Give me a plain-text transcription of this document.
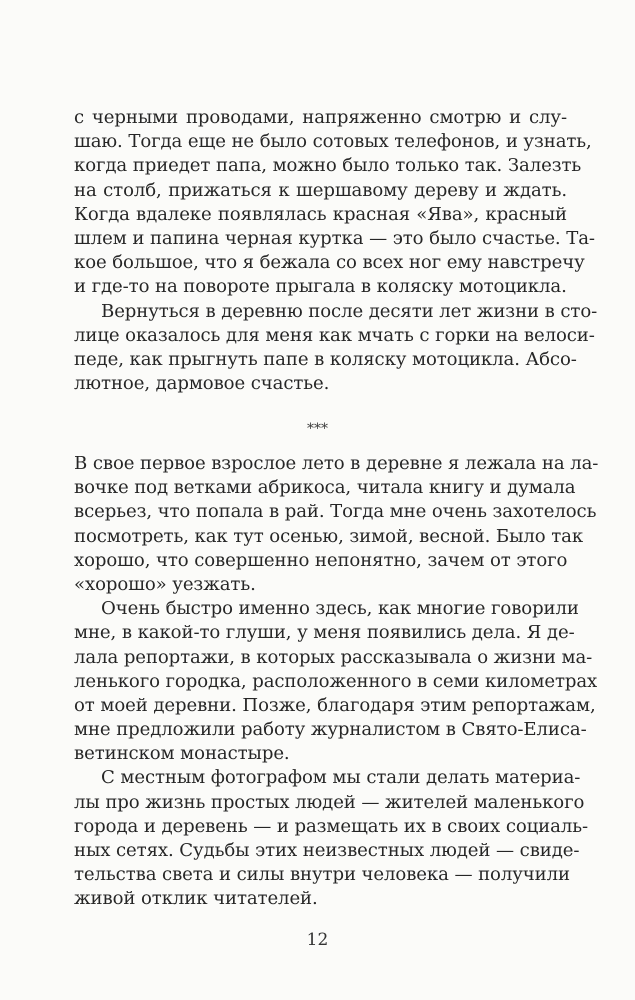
с черными проводами, напряженно смотрю и слу-
шаю. Тогда еще не было сотовых телефонов, и узнать,
когда приедет папа, можно было только так. Залезть
на столб, прижаться к шершавому дереву и ждать.
Когда вдалеке появлялась красная «Ява», красный
шлем и папина черная куртка — это было счастье. Та-
кое большое, что я бежала со всех ног ему навстречу
и где-то на повороте прыгала в коляску мотоцикла.
Вернуться в деревню после десяти лет жизни в сто-
лице оказалось для меня как мчать с горки на велоси-
педе, как прыгнуть папе в коляску мотоцикла. Абсо-
лютное, дармовое счастье.
***
В свое первое взрослое лето в деревне я лежала на ла-
вочке под ветками абрикоса, читала книгу и думала
всерьез, что попала в рай. Тогда мне очень захотелось
посмотреть, как тут осенью, зимой, весной. Было так
хорошо, что совершенно непонятно, зачем от этого
«хорошо» уезжать.
Очень быстро именно здесь, как многие говорили
мне, в какой-то глуши, у меня появились дела. Я де-
лала репортажи, в которых рассказывала о жизни ма-
ленького городка, расположенного в семи километрах
от моей деревни. Позже, благодаря этим репортажам,
мне предложили работу журналистом в Свято-Елиса-
ветинском монастыре.
С местным фотографом мы стали делать материа-
лы про жизнь простых людей — жителей маленького
города и деревень — и размещать их в своих социаль-
ных сетях. Судьбы этих неизвестных людей — свиде-
тельства света и силы внутри человека — получили
живой отклик читателей.
12
